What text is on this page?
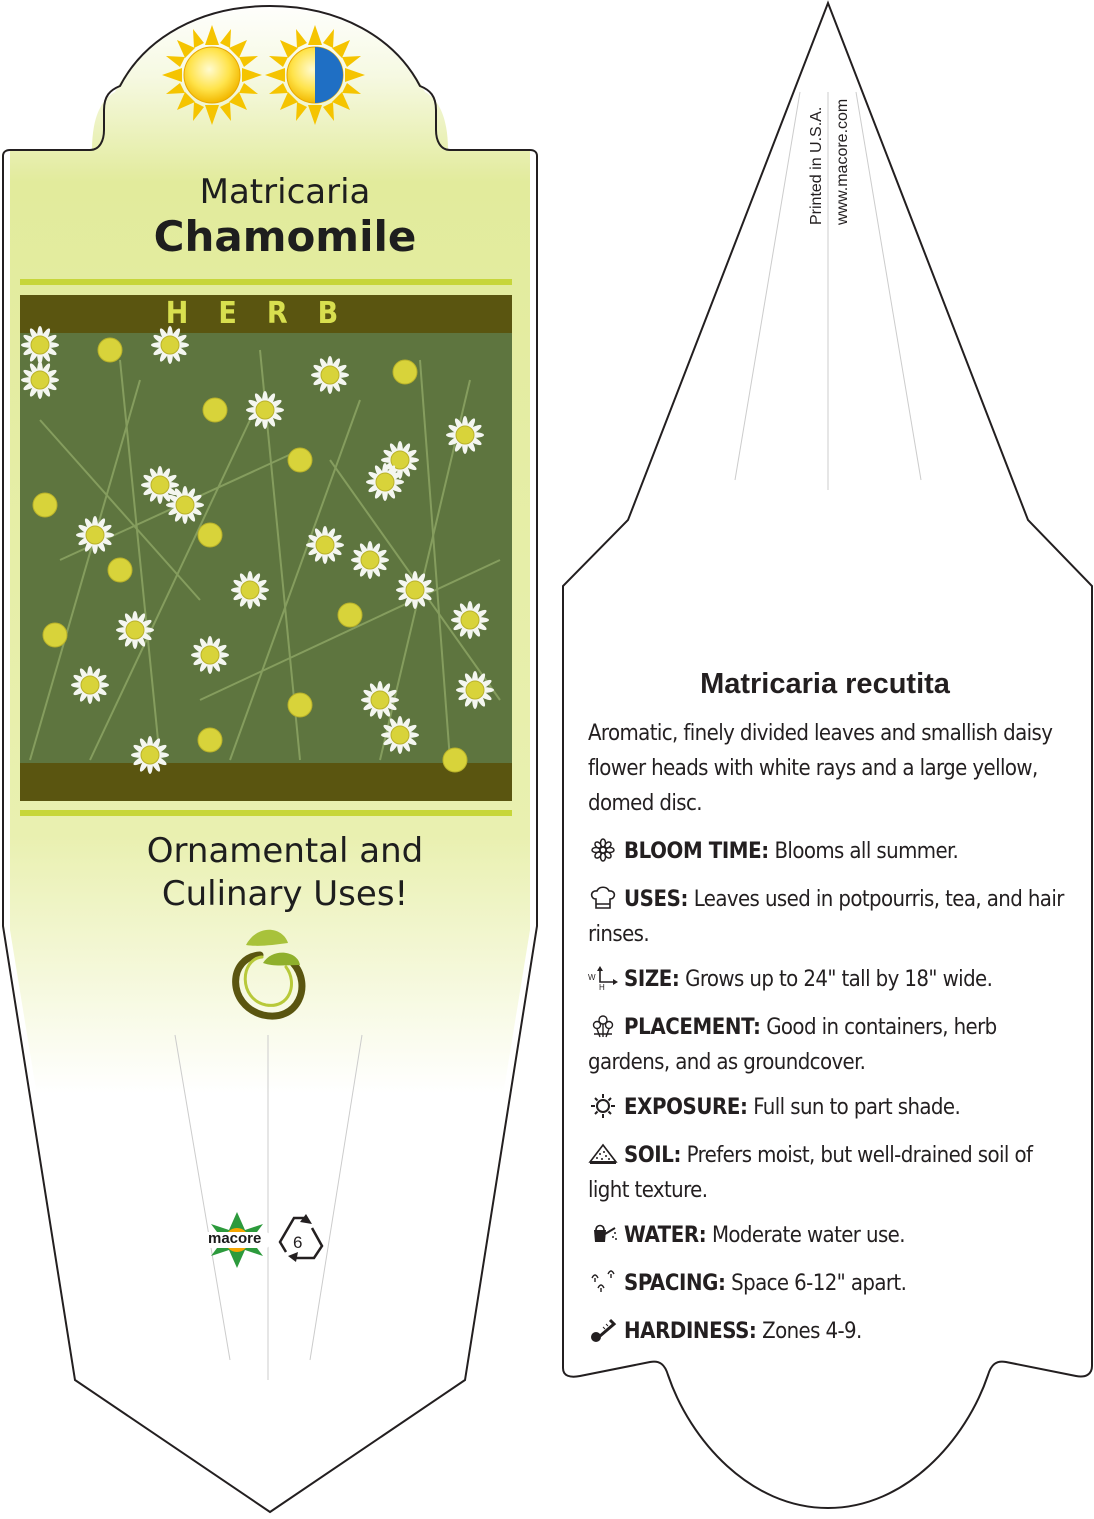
Matricaria
Chamomile
HERB
Ornamental and
Culinary Uses!
macore 6
Printed in U.S.A. www.macore.com
Matricaria recutita
Aromatic, finely divided leaves and smallish daisy flower heads with white rays and a large yellow, domed disc.
BLOOM TIME: Blooms all summer.
USES: Leaves used in potpourris, tea, and hair rinses.
W
H SIZE: Grows up to 24" tall by 18" wide.
PLACEMENT: Good in containers, herb gardens, and as groundcover.
EXPOSURE: Full sun to part shade.
SOIL: Prefers moist, but well-drained soil of light texture.
WATER: Moderate water use.
SPACING: Space 6-12" apart.
HARDINESS: Zones 4-9.
